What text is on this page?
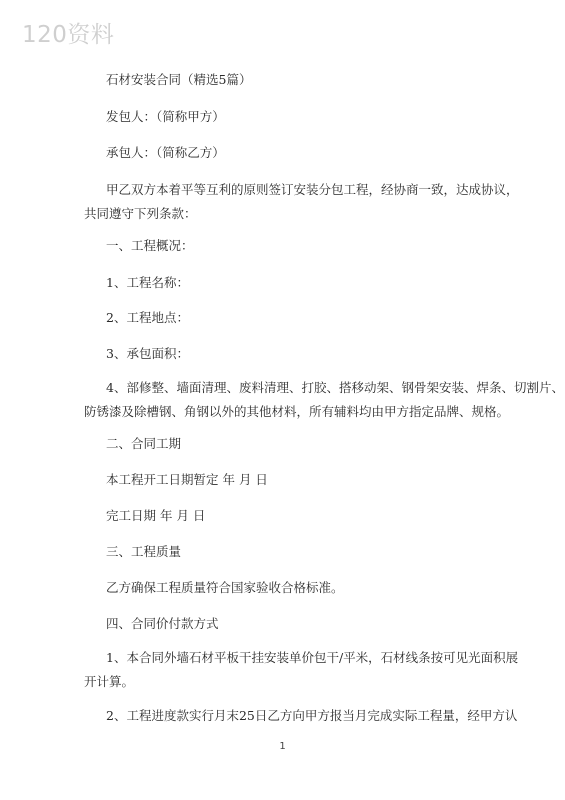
120资料
石材安装合同（精选5篇）
发包人：（简称甲方）
承包人：（简称乙方）
甲乙双方本着平等互利的原则签订安装分包工程，经协商一致，达成协议，
共同遵守下列条款：
一、工程概况：
1、工程名称：
2、工程地点：
3、承包面积：
4、部修整、墙面清理、废料清理、打胶、搭移动架、钢骨架安装、焊条、切割片、
防锈漆及除槽钢、角钢以外的其他材料，所有辅料均由甲方指定品牌、规格。
二、合同工期
本工程开工日期暂定 年 月 日
完工日期 年 月 日
三、工程质量
乙方确保工程质量符合国家验收合格标准。
四、合同价付款方式
1、本合同外墙石材平板干挂安装单价包干/平米，石材线条按可见光面积展
开计算。
2、工程进度款实行月末25日乙方向甲方报当月完成实际工程量，经甲方认
1
